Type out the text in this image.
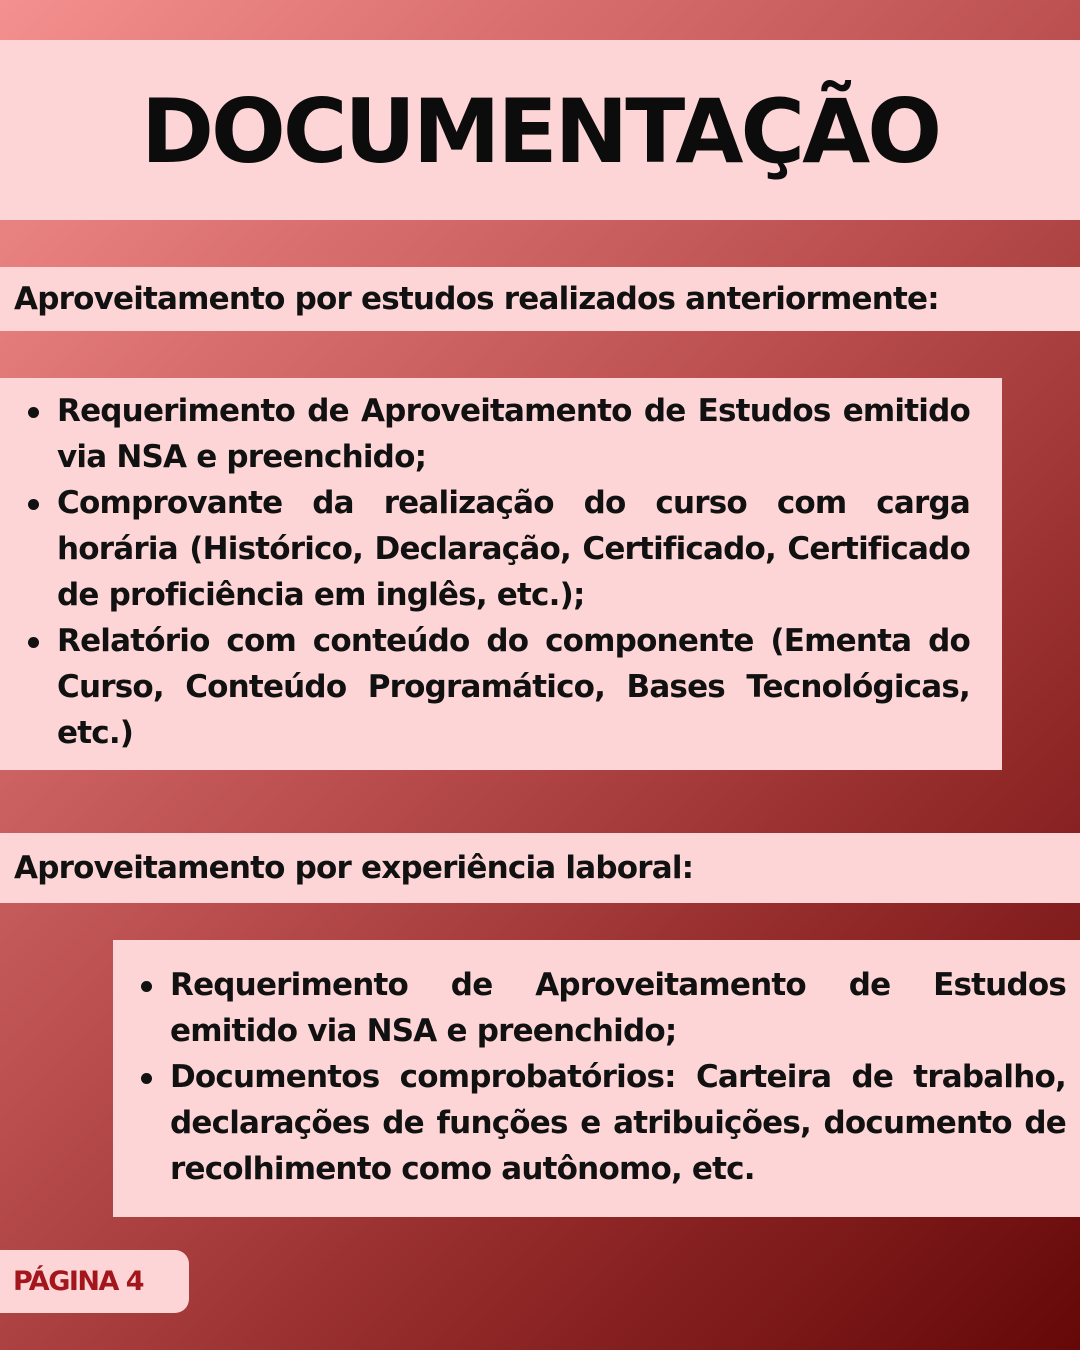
DOCUMENTAÇÃO
Aproveitamento por estudos realizados anteriormente:
Requerimento de Aproveitamento de Estudos emitido via NSA e preenchido;
Comprovante da realização do curso com carga horária (Histórico, Declaração, Certificado, Certificado de proficiência em inglês, etc.);
Relatório com conteúdo do componente (Ementa do Curso, Conteúdo Programático, Bases Tecnológicas, etc.)
Aproveitamento por experiência laboral:
Requerimento de Aproveitamento de Estudos emitido via NSA e preenchido;
Documentos comprobatórios: Carteira de trabalho, declarações de funções e atribuições, documento de recolhimento como autônomo, etc.
PÁGINA 4
